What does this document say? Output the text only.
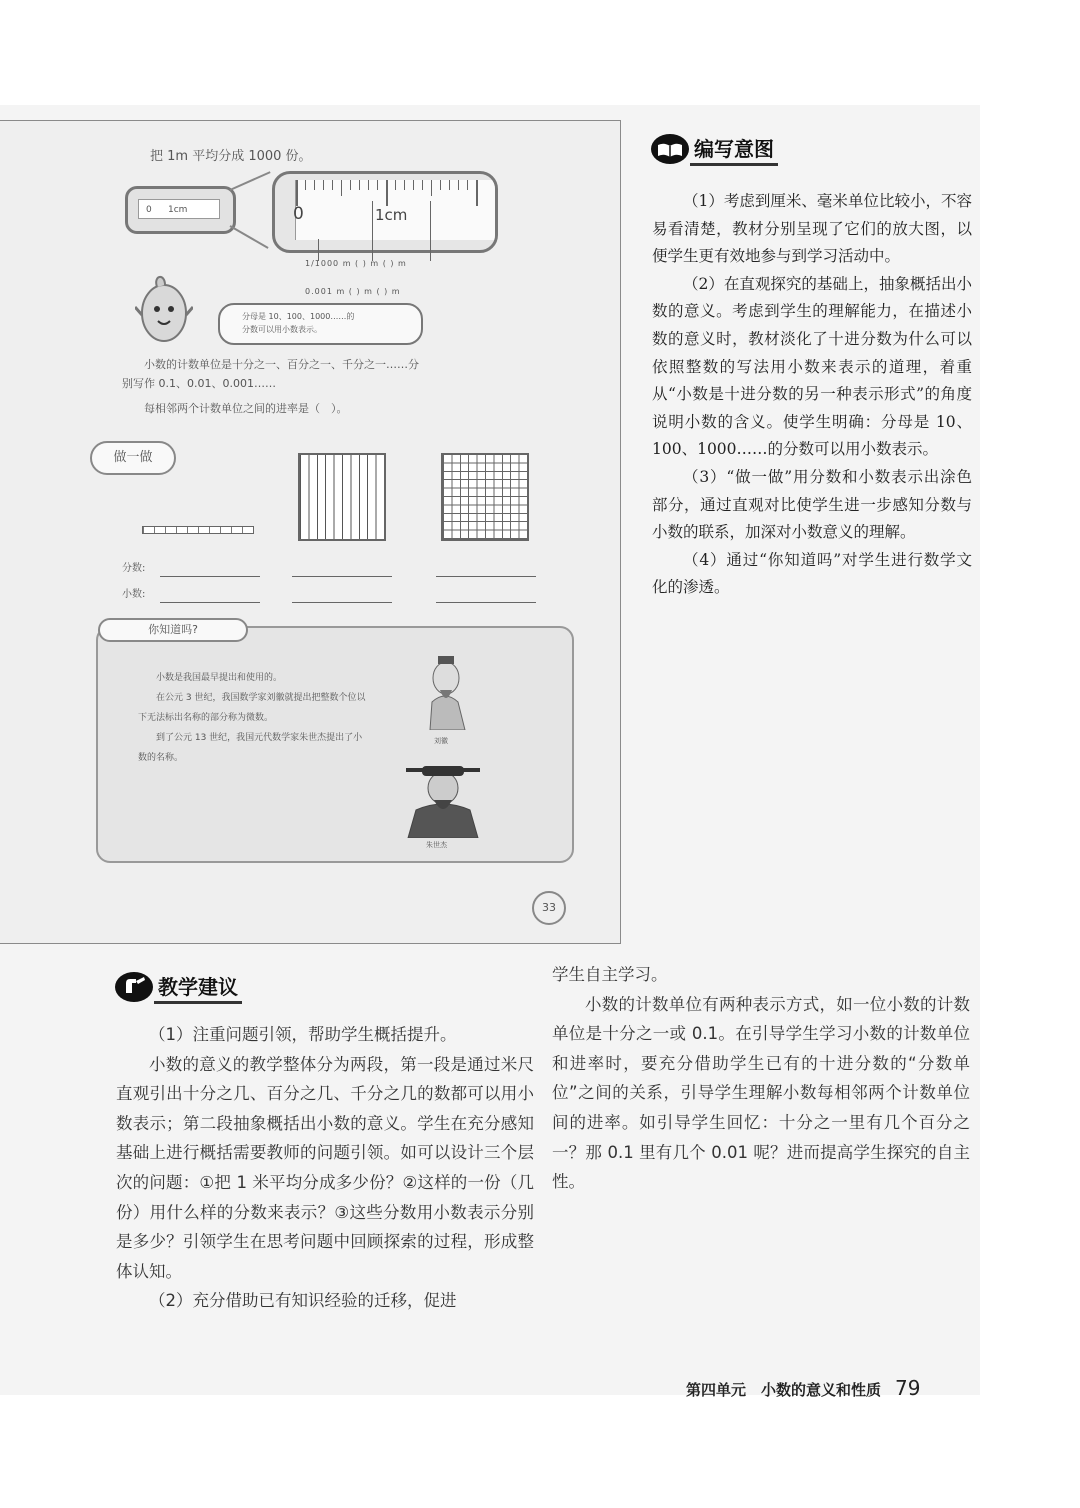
把 1m 平均分成 1000 份。
0 1cm	0	1cm
1/1000 m ( ) m ( ) m
0.001 m ( ) m ( ) m
分母是 10、100、1000……的
分数可以用小数表示。
小数的计数单位是十分之一、百分之一、千分之一……分
别写作 0.1、0.01、0.001……
每相邻两个计数单位之间的进率是（　）。
做一做
分数:
小数:
你知道吗?
小数是我国最早提出和使用的。
在公元 3 世纪，我国数学家刘徽就提出把整数个位以下无法标出名称的部分称为微数。
到了公元 13 世纪，我国元代数学家朱世杰提出了小数的名称。
刘徽
朱世杰
33
编写意图

（1）考虑到厘米、毫米单位比较小，不容易看清楚，教材分别呈现了它们的放大图，以便学生更有效地参与到学习活动中。

（2）在直观探究的基础上，抽象概括出小数的意义。考虑到学生的理解能力，在描述小数的意义时，教材淡化了十进分数为什么可以依照整数的写法用小数来表示的道理，着重从“小数是十进分数的另一种表示形式”的角度说明小数的含义。使学生明确：分母是 10、100、1000……的分数可以用小数表示。

（3）“做一做”用分数和小数表示出涂色部分，通过直观对比使学生进一步感知分数与小数的联系，加深对小数意义的理解。

（4）通过“你知道吗”对学生进行数学文化的渗透。

教学建议

（1）注重问题引领，帮助学生概括提升。

小数的意义的教学整体分为两段，第一段是通过米尺直观引出十分之几、百分之几、千分之几的数都可以用小数表示；第二段抽象概括出小数的意义。学生在充分感知基础上进行概括需要教师的问题引领。如可以设计三个层次的问题：①把 1 米平均分成多少份？②这样的一份（几份）用什么样的分数来表示？③这些分数用小数表示分别是多少？引领学生在思考问题中回顾探索的过程，形成整体认知。

（2）充分借助已有知识经验的迁移，促进

学生自主学习。

小数的计数单位有两种表示方式，如一位小数的计数单位是十分之一或 0.1。在引导学生学习小数的计数单位和进率时，要充分借助学生已有的十进分数的“分数单位”之间的关系，引导学生理解小数每相邻两个计数单位间的进率。如引导学生回忆：十分之一里有几个百分之一？那 0.1 里有几个 0.01 呢？进而提高学生探究的自主性。

第四单元　小数的意义和性质 79
